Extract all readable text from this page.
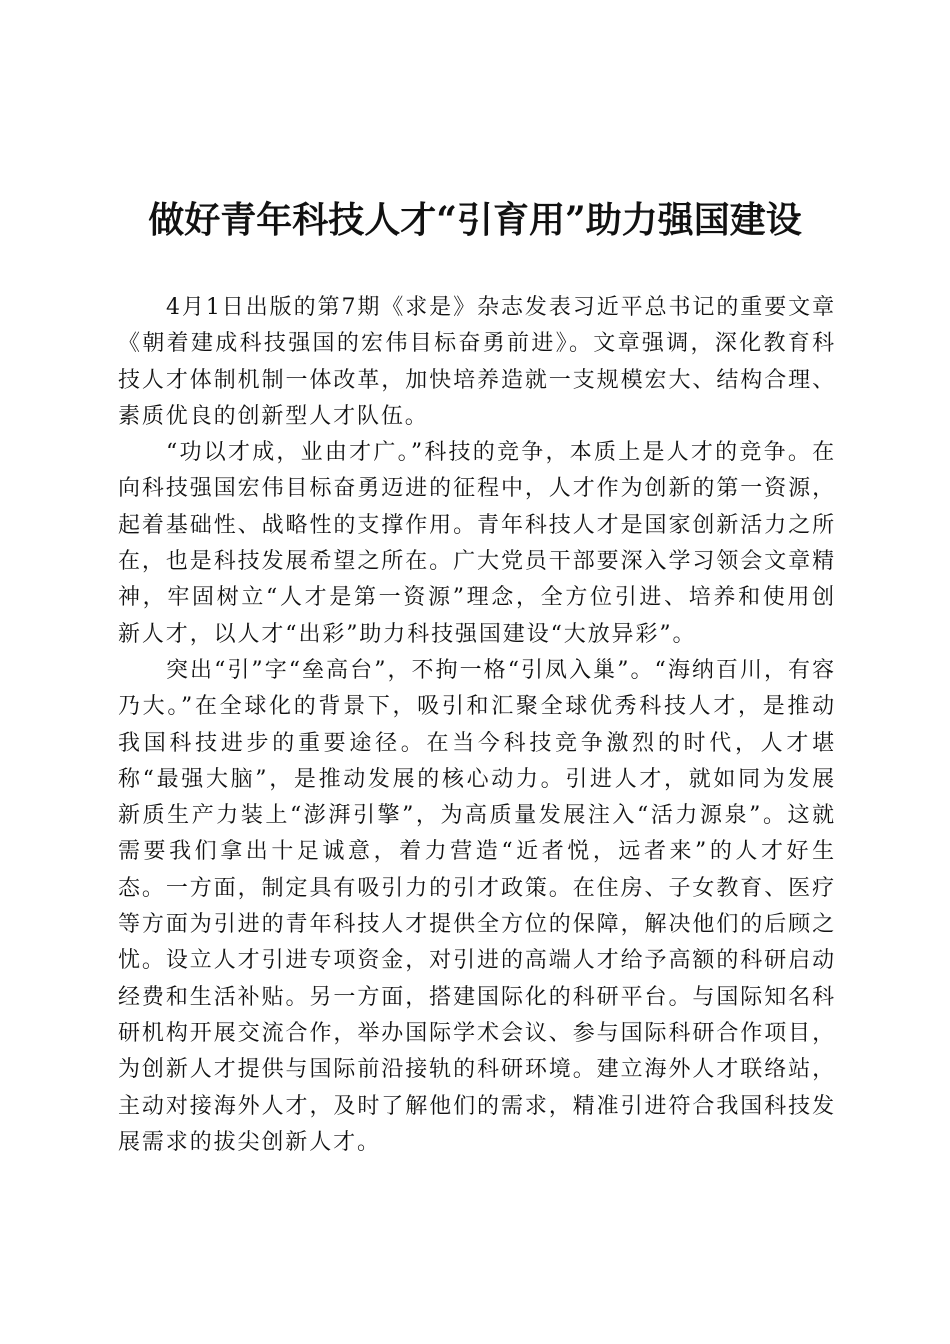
做好青年科技人才“引育用”助力强国建设

4月1日出版的第7期《求是》杂志发表习近平总书记的重要文章《朝着建成科技强国的宏伟目标奋勇前进》。文章强调，深化教育科技人才体制机制一体改革，加快培养造就一支规模宏大、结构合理、素质优良的创新型人才队伍。

“功以才成，业由才广。”科技的竞争，本质上是人才的竞争。在向科技强国宏伟目标奋勇迈进的征程中，人才作为创新的第一资源，起着基础性、战略性的支撑作用。青年科技人才是国家创新活力之所在，也是科技发展希望之所在。广大党员干部要深入学习领会文章精神，牢固树立“人才是第一资源”理念，全方位引进、培养和使用创新人才，以人才“出彩”助力科技强国建设“大放异彩”。

突出“引”字“垒高台”，不拘一格“引凤入巢”。“海纳百川，有容乃大。”在全球化的背景下，吸引和汇聚全球优秀科技人才，是推动我国科技进步的重要途径。在当今科技竞争激烈的时代，人才堪称“最强大脑”，是推动发展的核心动力。引进人才，就如同为发展新质生产力装上“澎湃引擎”，为高质量发展注入“活力源泉”。这就需要我们拿出十足诚意，着力营造“近者悦，远者来”的人才好生态。一方面，制定具有吸引力的引才政策。在住房、子女教育、医疗等方面为引进的青年科技人才提供全方位的保障，解决他们的后顾之忧。设立人才引进专项资金，对引进的高端人才给予高额的科研启动经费和生活补贴。另一方面，搭建国际化的科研平台。与国际知名科研机构开展交流合作，举办国际学术会议、参与国际科研合作项目，为创新人才提供与国际前沿接轨的科研环境。建立海外人才联络站，主动对接海外人才，及时了解他们的需求，精准引进符合我国科技发展需求的拔尖创新人才。
